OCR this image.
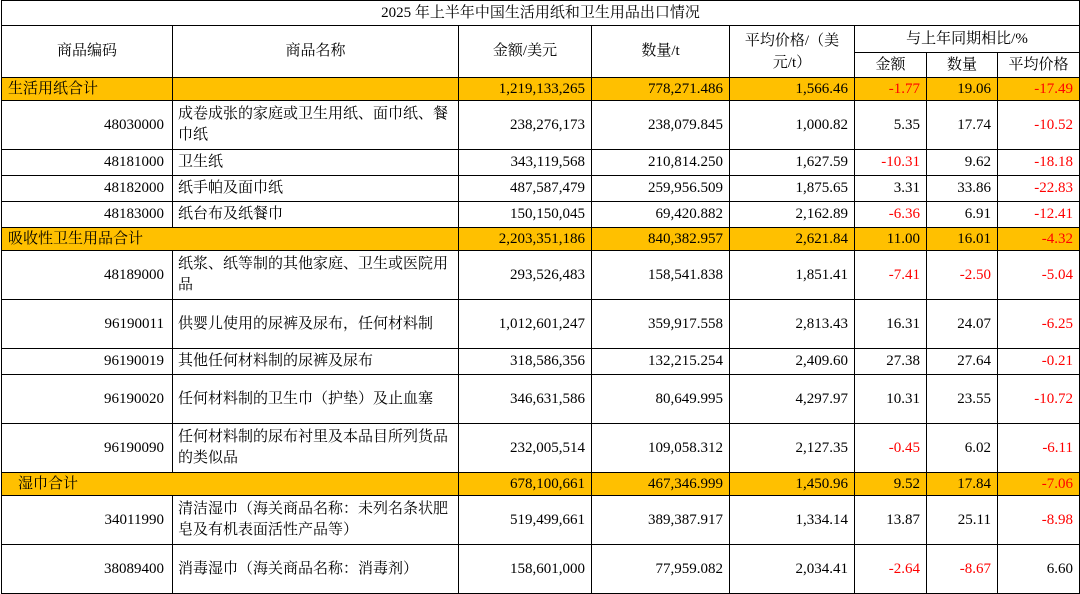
2025 年上半年中国生活用纸和卫生用品出口情况							
商品编码	商品名称	金额/美元	数量/t	平均价格/（美元/t）	与上年同期相比/%		
					金额	数量	平均价格
生活用纸合计		1,219,133,265	778,271.486	1,566.46	-1.77	19.06	-17.49
48030000	成卷成张的家庭或卫生用纸、面巾纸、餐巾纸	238,276,173	238,079.845	1,000.82	5.35	17.74	-10.52
48181000	卫生纸	343,119,568	210,814.250	1,627.59	-10.31	9.62	-18.18
48182000	纸手帕及面巾纸	487,587,479	259,956.509	1,875.65	3.31	33.86	-22.83
48183000	纸台布及纸餐巾	150,150,045	69,420.882	2,162.89	-6.36	6.91	-12.41
吸收性卫生用品合计		2,203,351,186	840,382.957	2,621.84	11.00	16.01	-4.32
48189000	纸浆、纸等制的其他家庭、卫生或医院用品	293,526,483	158,541.838	1,851.41	-7.41	-2.50	-5.04
96190011	供婴儿使用的尿裤及尿布，任何材料制	1,012,601,247	359,917.558	2,813.43	16.31	24.07	-6.25
96190019	其他任何材料制的尿裤及尿布	318,586,356	132,215.254	2,409.60	27.38	27.64	-0.21
96190020	任何材料制的卫生巾（护垫）及止血塞	346,631,586	80,649.995	4,297.97	10.31	23.55	-10.72
96190090	任何材料制的尿布衬里及本品目所列货品的类似品	232,005,514	109,058.312	2,127.35	-0.45	6.02	-6.11
湿巾合计		678,100,661	467,346.999	1,450.96	9.52	17.84	-7.06
34011990	清洁湿巾（海关商品名称：未列名条状肥皂及有机表面活性产品等）	519,499,661	389,387.917	1,334.14	13.87	25.11	-8.98
38089400	消毒湿巾（海关商品名称：消毒剂）	158,601,000	77,959.082	2,034.41	-2.64	-8.67	6.60
